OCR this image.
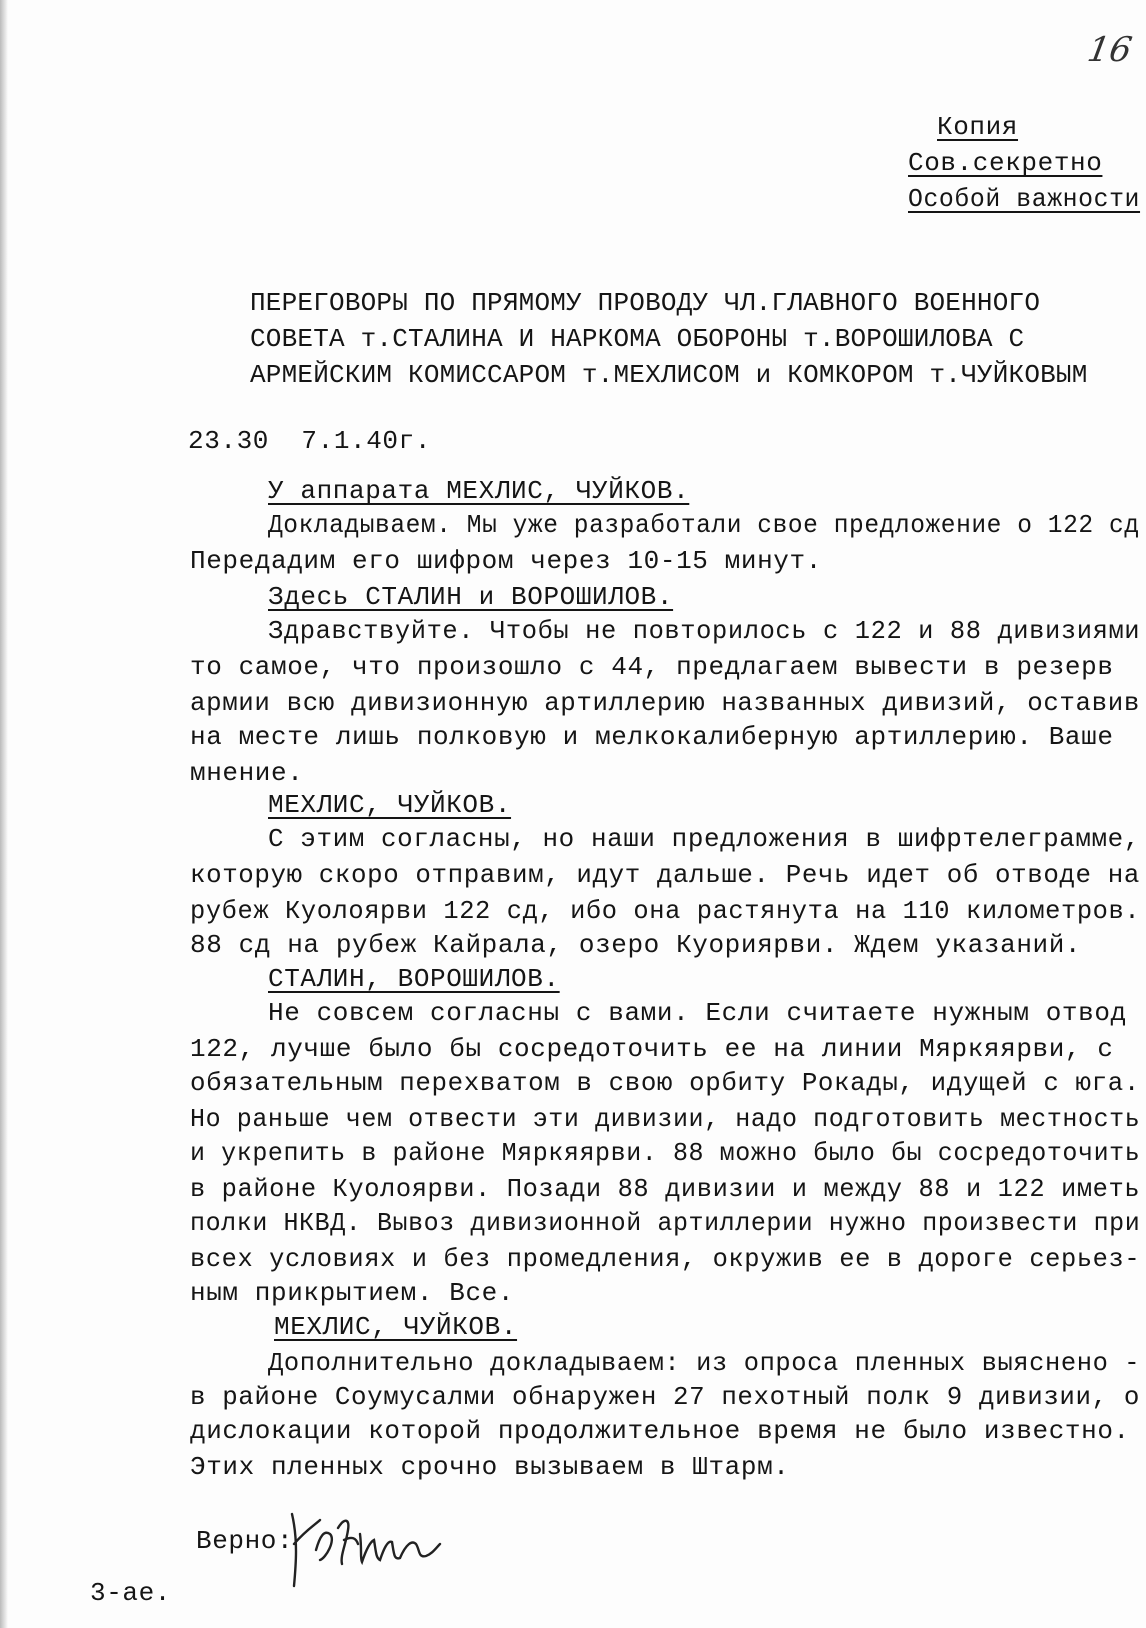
16
Копия
Сов.секретно
Особой важности
ПЕРЕГОВОРЫ ПО ПРЯМОМУ ПРОВОДУ ЧЛ.ГЛАВНОГО ВОЕННОГО
СОВЕТА т.СТАЛИНА И НАРКОМА ОБОРОНЫ т.ВОРОШИЛОВА С
АРМЕЙСКИМ КОМИССАРОМ т.МЕХЛИСОМ и КОМКОРОМ т.ЧУЙКОВЫМ
23.30  7.1.40г.
У аппарата МЕХЛИС, ЧУЙКОВ.
Докладываем. Мы уже разработали свое предложение о 122 сд
Передадим его шифром через 10-15 минут.
Здесь СТАЛИН и ВОРОШИЛОВ.
Здравствуйте. Чтобы не повторилось с 122 и 88 дивизиями
то самое, что произошло с 44, предлагаем вывести в резерв
армии всю дивизионную артиллерию названных дивизий, оставив
на месте лишь полковую и мелкокалиберную артиллерию. Ваше
мнение.
МЕХЛИС, ЧУЙКОВ.
С этим согласны, но наши предложения в шифртелеграмме,
которую скоро отправим, идут дальше. Речь идет об отводе на
рубеж Куолоярви 122 сд, ибо она растянута на 110 километров.
88 сд на рубеж Кайрала, озеро Куориярви. Ждем указаний.
СТАЛИН, ВОРОШИЛОВ.
Не совсем согласны с вами. Если считаете нужным отвод
122, лучше было бы сосредоточить ее на линии Мяркяярви, с
обязательным перехватом в свою орбиту Рокады, идущей с юга.
Но раньше чем отвести эти дивизии, надо подготовить местность
и укрепить в районе Мяркяярви. 88 можно было бы сосредоточить
в районе Куолоярви. Позади 88 дивизии и между 88 и 122 иметь
полки НКВД. Вывоз дивизионной артиллерии нужно произвести при
всех условиях и без промедления, окружив ее в дороге серьез-
ным прикрытием. Все.
МЕХЛИС, ЧУЙКОВ.
Дополнительно докладываем: из опроса пленных выяснено -
в районе Соумусалми обнаружен 27 пехотный полк 9 дивизии, о
дислокации которой продолжительное время не было известно.
Этих пленных срочно вызываем в Штарм.
Верно:
3-ае.
